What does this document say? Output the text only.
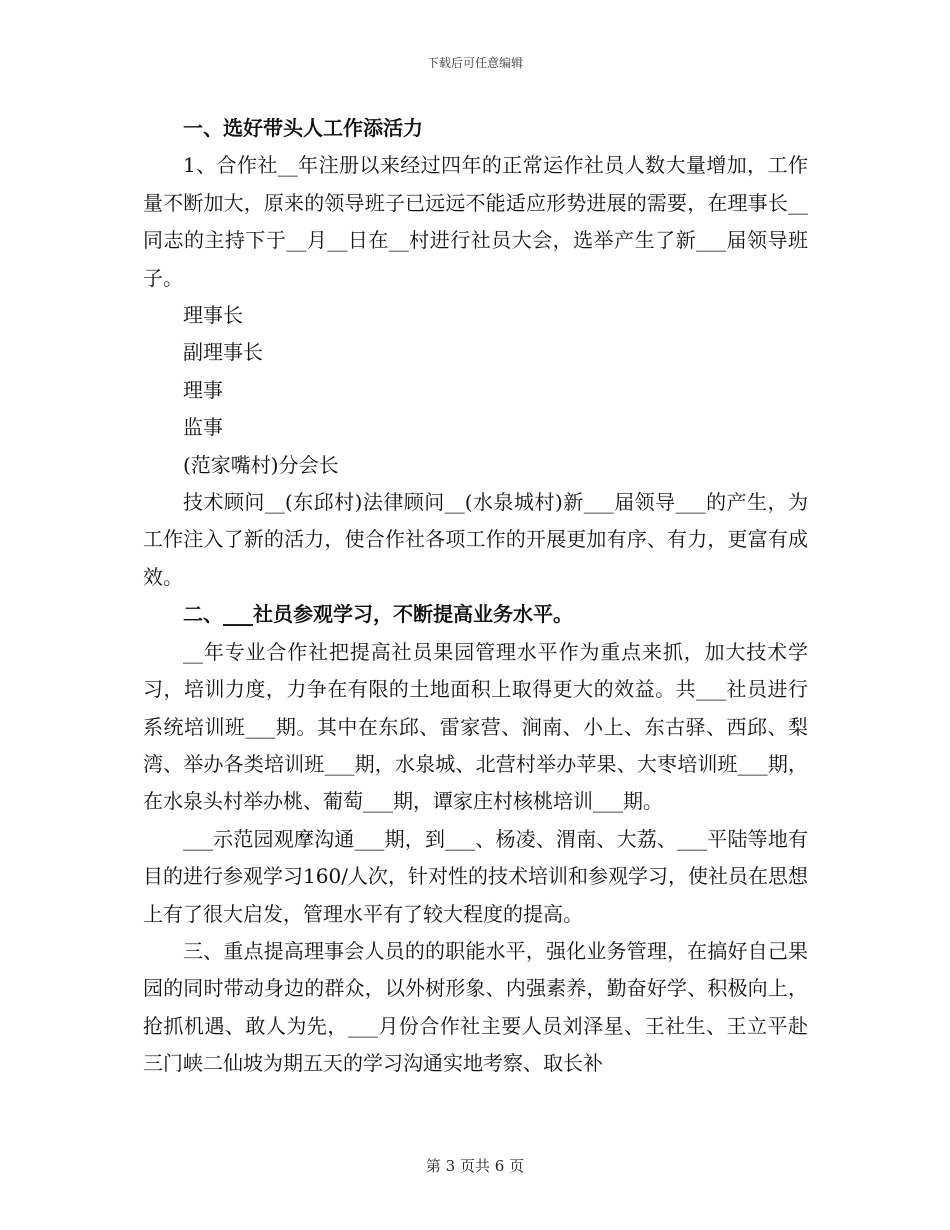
下载后可任意编辑

一、选好带头人工作添活力

1、合作社__年注册以来经过四年的正常运作社员人数大量增加，工作量不断加大，原来的领导班子已远远不能适应形势进展的需要，在理事长__同志的主持下于__月__日在__村进行社员大会，选举产生了新___届领导班子。

理事长

副理事长

理事

监事

(范家嘴村)分会长

技术顾问__(东邱村)法律顾问__(水泉城村)新___届领导___的产生，为工作注入了新的活力，使合作社各项工作的开展更加有序、有力，更富有成效。

二、___社员参观学习，不断提高业务水平。

__年专业合作社把提高社员果园管理水平作为重点来抓，加大技术学习，培训力度，力争在有限的土地面积上取得更大的效益。共___社员进行系统培训班___期。其中在东邱、雷家营、涧南、小上、东古驿、西邱、梨湾、举办各类培训班___期，水泉城、北营村举办苹果、大枣培训班___期，在水泉头村举办桃、葡萄___期，谭家庄村核桃培训___期。

___示范园观摩沟通___期，到___、杨凌、渭南、大荔、___平陆等地有目的进行参观学习160/人次，针对性的技术培训和参观学习，使社员在思想上有了很大启发，管理水平有了较大程度的提高。

三、重点提高理事会人员的的职能水平，强化业务管理，在搞好自己果园的同时带动身边的群众，以外树形象、内强素养，勤奋好学、积极向上，抢抓机遇、敢人为先，___月份合作社主要人员刘泽星、王社生、王立平赴三门峡二仙坡为期五天的学习沟通实地考察、取长补

第 3 页共 6 页
